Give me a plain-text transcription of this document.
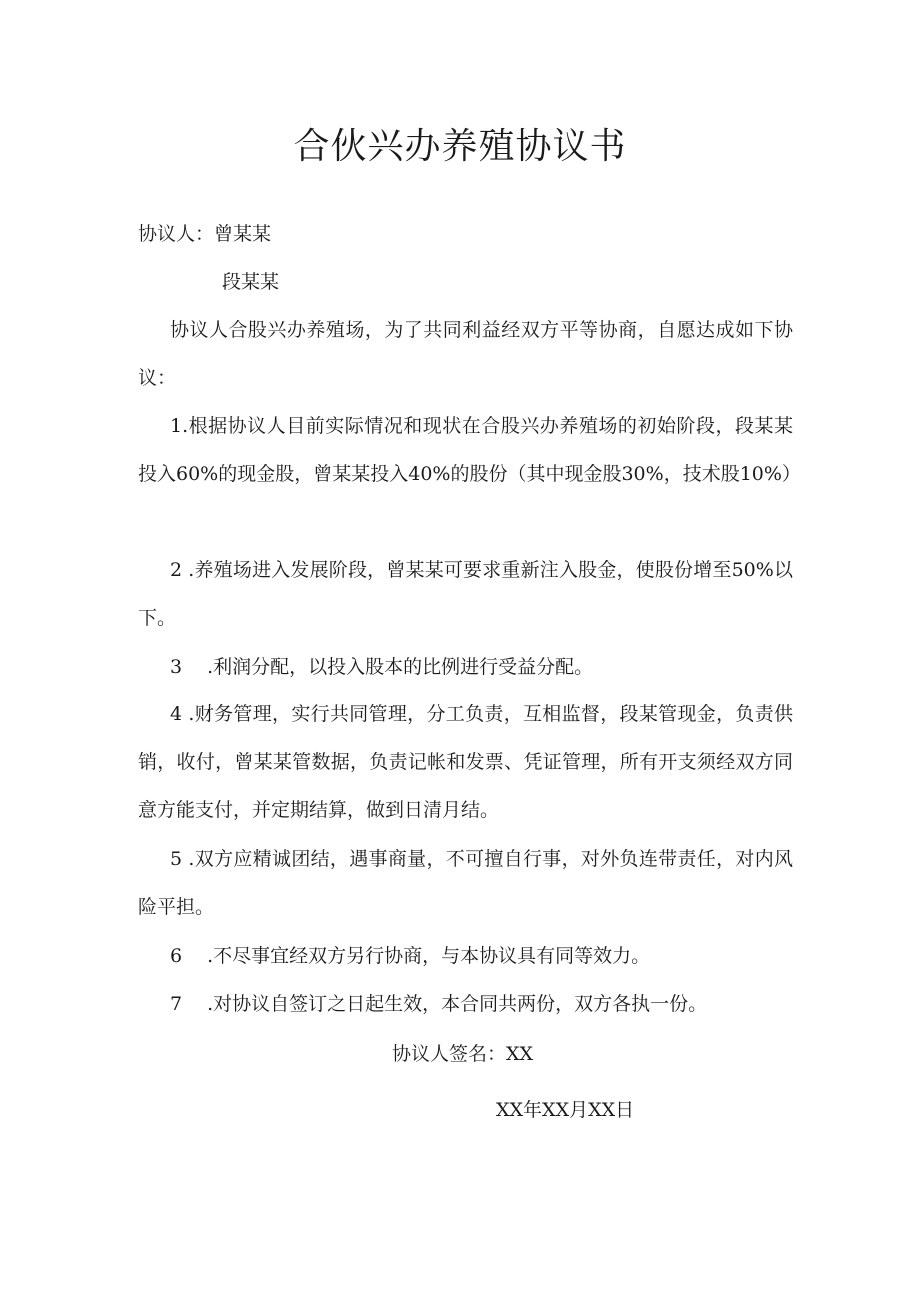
合伙兴办养殖协议书

协议人：曾某某

段某某

协议人合股兴办养殖场，为了共同利益经双方平等协商，自愿达成如下协议：

1.根据协议人目前实际情况和现状在合股兴办养殖场的初始阶段，段某某投入60%的现金股，曾某某投入40%的股份（其中现金股30%，技术股10%）

2 .养殖场进入发展阶段，曾某某可要求重新注入股金，使股份增至50%以下。

3　 .利润分配，以投入股本的比例进行受益分配。

4 .财务管理，实行共同管理，分工负责，互相监督，段某管现金，负责供销，收付，曾某某管数据，负责记帐和发票、凭证管理，所有开支须经双方同意方能支付，并定期结算，做到日清月结。

5 .双方应精诚团结，遇事商量，不可擅自行事，对外负连带责任，对内风险平担。

6　 .不尽事宜经双方另行协商，与本协议具有同等效力。

7　 .对协议自签订之日起生效，本合同共两份，双方各执一份。

协议人签名：XX

XX年XX月XX日
